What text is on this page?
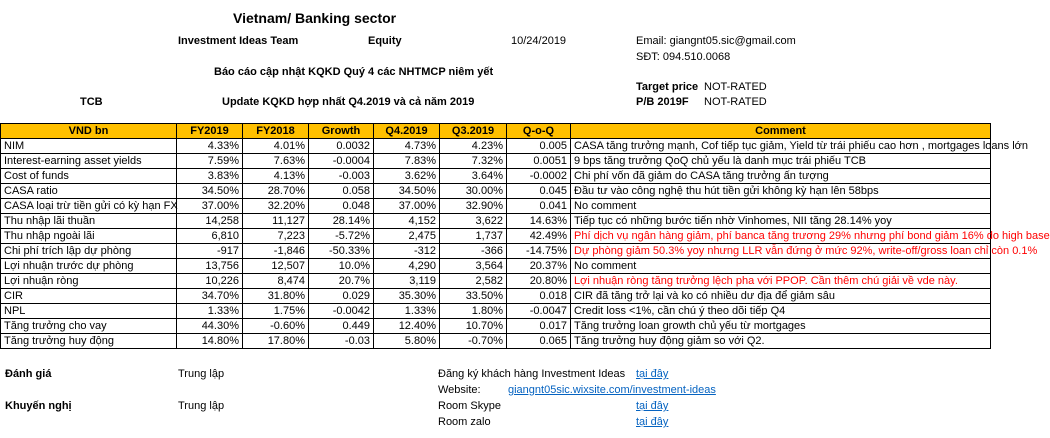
Vietnam/ Banking sector
Investment Ideas Team	Equity	10/24/2019	Email: giangnt05.sic@gmail.com
SĐT: 094.510.0068
Báo cáo cập nhật KQKD Quý 4 các NHTMCP niêm yết
Target price NOT-RATED
TCB	Update KQKD hợp nhất Q4.2019 và cả năm 2019	P/B 2019F NOT-RATED
VND bn	FY2019	FY2018	Growth	Q4.2019	Q3.2019	Q-o-Q	Comment
NIM	4.33%	4.01%	0.0032	4.73%	4.23%	0.005	CASA tăng trưởng mạnh, Cof tiếp tục giảm, Yield từ trái phiếu cao hơn , mortgages loans lớn
Interest-earning asset yields	7.59%	7.63%	-0.0004	7.83%	7.32%	0.0051	9 bps tăng trưởng QoQ chủ yếu là danh mục trái phiếu TCB
Cost of funds	3.83%	4.13%	-0.003	3.62%	3.64%	-0.0002	Chi phí vốn đã giảm do CASA tăng trưởng ấn tượng
CASA ratio	34.50%	28.70%	0.058	34.50%	30.00%	0.045	Đầu tư vào công nghệ thu hút tiền gửi không kỳ hạn lên 58bps
CASA loại trừ tiền gửi có kỳ hạn FX	37.00%	32.20%	0.048	37.00%	32.90%	0.041	No comment
Thu nhập lãi thuần	14,258	11,127	28.14%	4,152	3,622	14.63%	Tiếp tục có những bước tiến nhờ Vinhomes, NII tăng 28.14% yoy
Thu nhập ngoài lãi	6,810	7,223	-5.72%	2,475	1,737	42.49%	Phí dịch vụ ngân hàng giảm, phí banca tăng trương 29% nhưng phí bond giảm 16% do high base
Chi phí trích lập dự phòng	-917	-1,846	-50.33%	-312	-366	-14.75%	Dự phòng giảm 50.3% yoy nhưng LLR vẫn đứng ở mức 92%, write-off/gross loan chỉ còn 0.1%
Lợi nhuận trước dự phòng	13,756	12,507	10.0%	4,290	3,564	20.37%	No comment
Lợi nhuận ròng	10,226	8,474	20.7%	3,119	2,582	20.80%	Lợi nhuận ròng tăng trưởng lệch pha với PPOP. Cần thêm chú giải về vde này.
CIR	34.70%	31.80%	0.029	35.30%	33.50%	0.018	CIR đã tăng trở lại và ko có nhiều dư địa để giảm sâu
NPL	1.33%	1.75%	-0.0042	1.33%	1.80%	-0.0047	Credit loss <1%, cần chú ý theo dõi tiếp Q4
Tăng trưởng cho vay	44.30%	-0.60%	0.449	12.40%	10.70%	0.017	Tăng trưởng loan growth chủ yếu từ mortgages
Tăng trưởng huy động	14.80%	17.80%	-0.03	5.80%	-0.70%	0.065	Tăng trưởng huy động giảm so với Q2.
Đánh giá	Trung lập
Khuyến nghị	Trung lập
Đăng ký khách hàng Investment Ideas tại đây
Website: giangnt05sic.wixsite.com/investment-ideas
Room Skype	tại đây
Room zalo	tại đây
